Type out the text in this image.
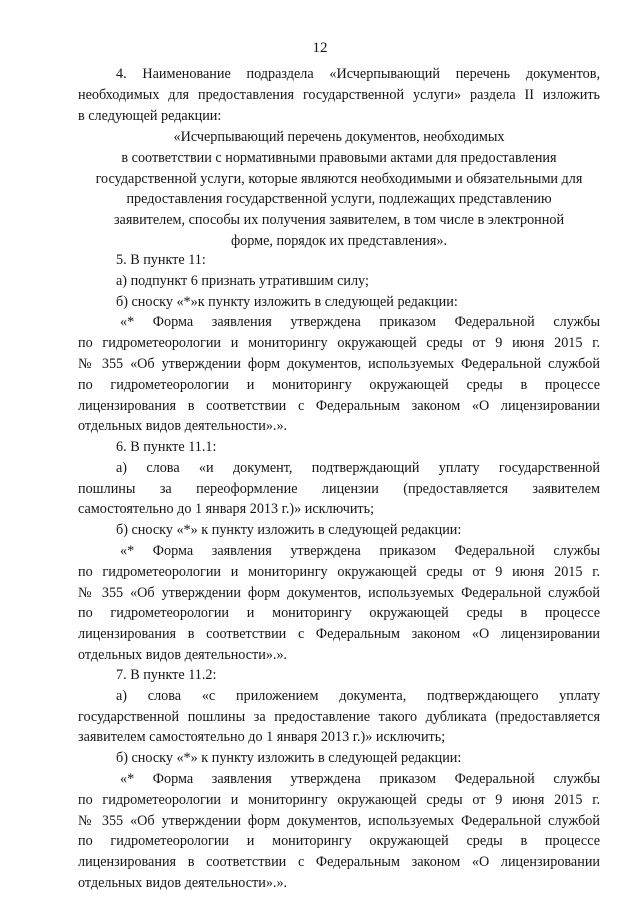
12
4. Наименование подраздела «Исчерпывающий перечень документов,
необходимых для предоставления государственной услуги» раздела II изложить
в следующей редакции:
«Исчерпывающий перечень документов, необходимых
в соответствии с нормативными правовыми актами для предоставления
государственной услуги, которые являются необходимыми и обязательными для
предоставления государственной услуги, подлежащих представлению
заявителем, способы их получения заявителем, в том числе в электронной
форме, порядок их представления».
5. В пункте 11:
а) подпункт 6 признать утратившим силу;
б) сноску «*»к пункту изложить в следующей редакции:
«* Форма заявления утверждена приказом Федеральной службы
по гидрометеорологии и мониторингу окружающей среды от 9 июня 2015 г.
№ 355 «Об утверждении форм документов, используемых Федеральной службой
по гидрометеорологии и мониторингу окружающей среды в процессе
лицензирования в соответствии с Федеральным законом «О лицензировании
отдельных видов деятельности».».
6. В пункте 11.1:
а) слова «и документ, подтверждающий уплату государственной
пошлины за переоформление лицензии (предоставляется заявителем
самостоятельно до 1 января 2013 г.)» исключить;
б) сноску «*» к пункту изложить в следующей редакции:
«* Форма заявления утверждена приказом Федеральной службы
по гидрометеорологии и мониторингу окружающей среды от 9 июня 2015 г.
№ 355 «Об утверждении форм документов, используемых Федеральной службой
по гидрометеорологии и мониторингу окружающей среды в процессе
лицензирования в соответствии с Федеральным законом «О лицензировании
отдельных видов деятельности».».
7. В пункте 11.2:
а) слова «с приложением документа, подтверждающего уплату
государственной пошлины за предоставление такого дубликата (предоставляется
заявителем самостоятельно до 1 января 2013 г.)» исключить;
б) сноску «*» к пункту изложить в следующей редакции:
«* Форма заявления утверждена приказом Федеральной службы
по гидрометеорологии и мониторингу окружающей среды от 9 июня 2015 г.
№ 355 «Об утверждении форм документов, используемых Федеральной службой
по гидрометеорологии и мониторингу окружающей среды в процессе
лицензирования в соответствии с Федеральным законом «О лицензировании
отдельных видов деятельности».».
